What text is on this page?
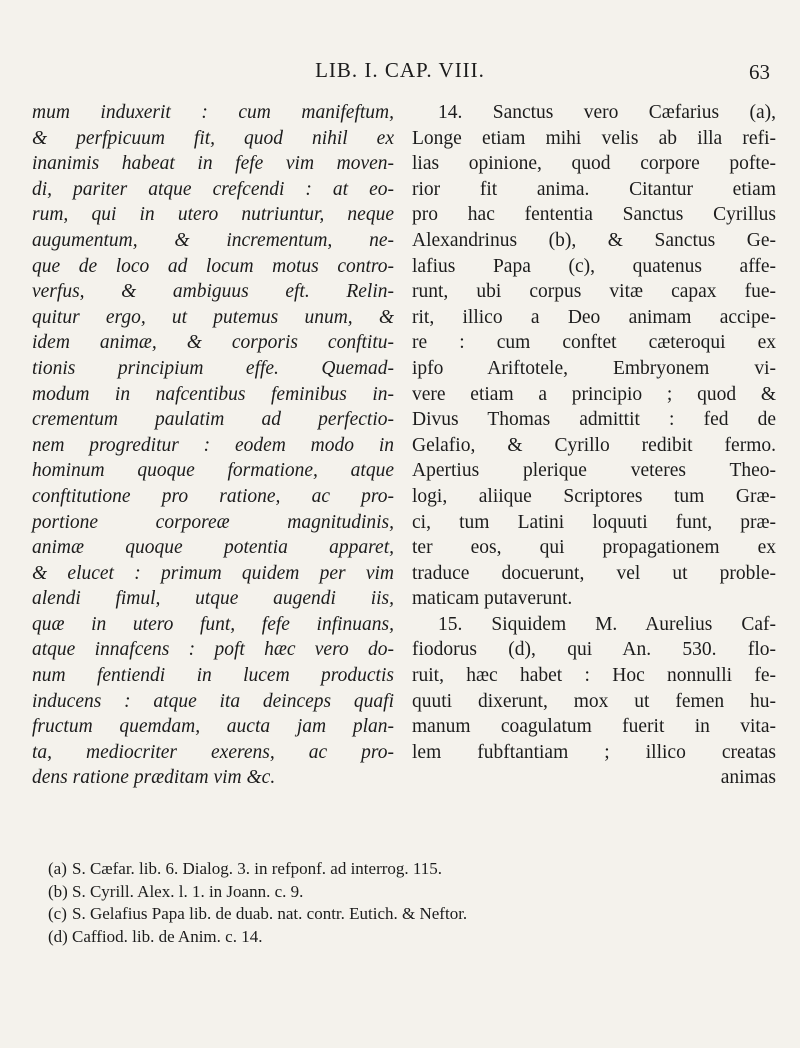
LIB. I. CAP. VIII.	63
mum induxerit : cum manifeftum,
& perfpicuum fit, quod nihil ex
inanimis habeat in fefe vim moven-
di, pariter atque crefcendi : at eo-
rum, qui in utero nutriuntur, neque
augumentum, & incrementum, ne-
que de loco ad locum motus contro-
verfus, & ambiguus eft. Relin-
quitur ergo, ut putemus unum, &
idem animæ, & corporis conftitu-
tionis principium effe. Quemad-
modum in nafcentibus feminibus in-
crementum paulatim ad perfectio-
nem progreditur : eodem modo in
hominum quoque formatione, atque
conftitutione pro ratione, ac pro-
portione corporeæ magnitudinis,
animæ quoque potentia apparet,
& elucet : primum quidem per vim
alendi fimul, utque augendi iis,
quæ in utero funt, fefe infinuans,
atque innafcens : poft hæc vero do-
num fentiendi in lucem productis
inducens : atque ita deinceps quafi
fructum quemdam, aucta jam plan-
ta, mediocriter exerens, ac pro-
dens ratione præditam vim &c.
14. Sanctus vero Cæfarius (a),
Longe etiam mihi velis ab illa refi-
lias opinione, quod corpore pofte-
rior fit anima. Citantur etiam
pro hac fententia Sanctus Cyrillus
Alexandrinus (b), & Sanctus Ge-
lafius Papa (c), quatenus affe-
runt, ubi corpus vitæ capax fue-
rit, illico a Deo animam accipe-
re : cum conftet cæteroqui ex
ipfo Ariftotele, Embryonem vi-
vere etiam a principio ; quod &
Divus Thomas admittit : fed de
Gelafio, & Cyrillo redibit fermo.
Apertius plerique veteres Theo-
logi, aliique Scriptores tum Græ-
ci, tum Latini loquuti funt, præ-
ter eos, qui propagationem ex
traduce docuerunt, vel ut proble-
maticam putaverunt.
15. Siquidem M. Aurelius Caf-
fiodorus (d), qui An. 530. flo-
ruit, hæc habet : Hoc nonnulli fe-
quuti dixerunt, mox ut femen hu-
manum coagulatum fuerit in vita-
lem fubftantiam ; illico creatas
animas
(a) S. Cæfar. lib. 6. Dialog. 3. in refponf. ad interrog. 115.
(b) S. Cyrill. Alex. l. 1. in Joann. c. 9.
(c) S. Gelafius Papa lib. de duab. nat. contr. Eutich. & Neftor.
(d) Caffiod. lib. de Anim. c. 14.
